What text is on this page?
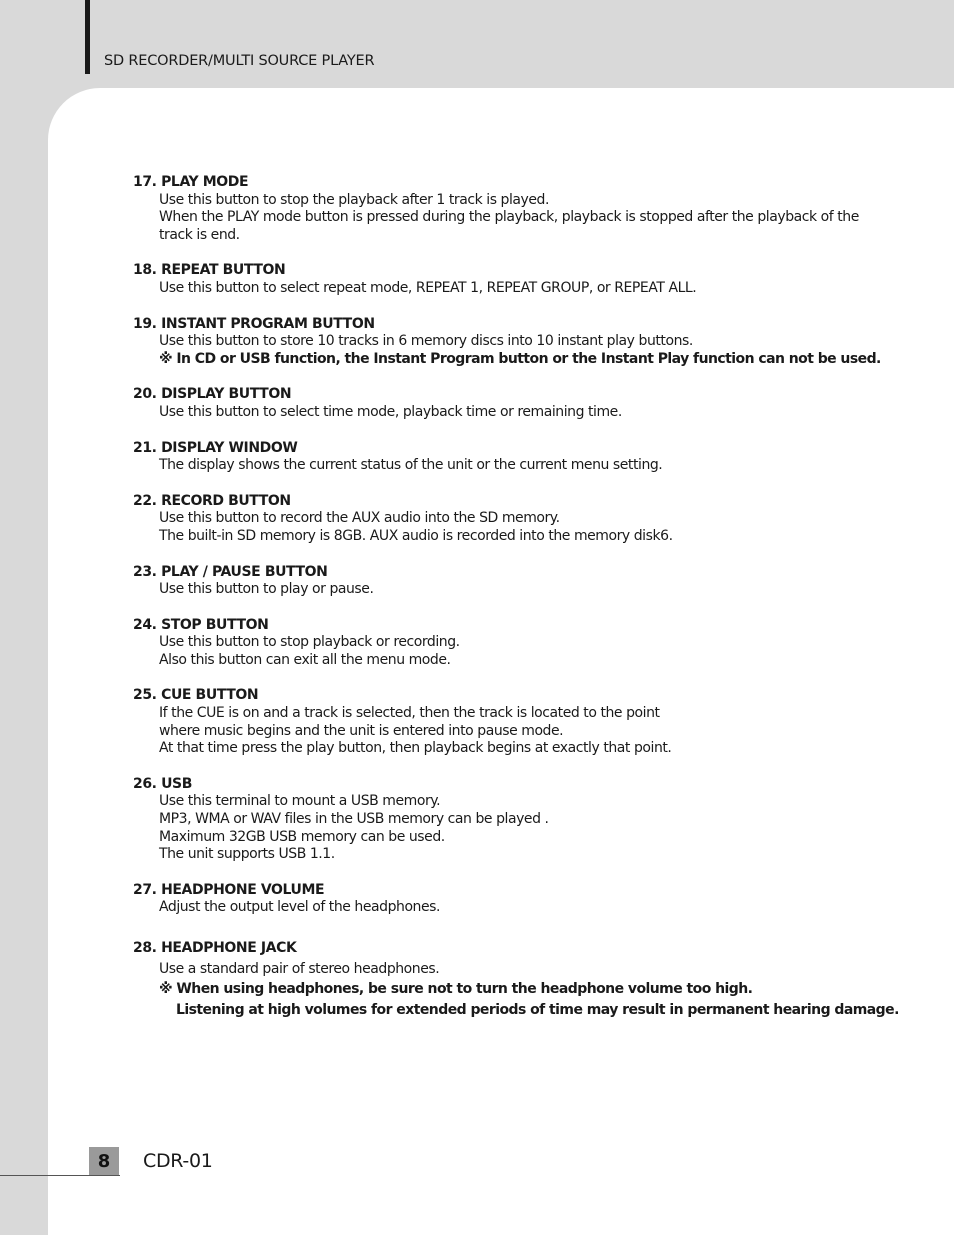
SD RECORDER/MULTI SOURCE PLAYER
17. PLAY MODE
Use this button to stop the playback after 1 track is played.
When the PLAY mode button is pressed during the playback, playback is stopped after the playback of the
track is end.
18. REPEAT BUTTON
Use this button to select repeat mode, REPEAT 1, REPEAT GROUP, or REPEAT ALL.
19. INSTANT PROGRAM BUTTON
Use this button to store 10 tracks in 6 memory discs into 10 instant play buttons.
※ In CD or USB function, the Instant Program button or the Instant Play function can not be used.
20. DISPLAY BUTTON
Use this button to select time mode, playback time or remaining time.
21. DISPLAY WINDOW
The display shows the current status of the unit or the current menu setting.
22. RECORD BUTTON
Use this button to record the AUX audio into the SD memory.
The built-in SD memory is 8GB. AUX audio is recorded into the memory disk6.
23. PLAY / PAUSE BUTTON
Use this button to play or pause.
24. STOP BUTTON
Use this button to stop playback or recording.
Also this button can exit all the menu mode.
25. CUE BUTTON
If the CUE is on and a track is selected, then the track is located to the point
where music begins and the unit is entered into pause mode.
At that time press the play button, then playback begins at exactly that point.
26. USB
Use this terminal to mount a USB memory.
MP3, WMA or WAV files in the USB memory can be played .
Maximum 32GB USB memory can be used.
The unit supports USB 1.1.
27. HEADPHONE VOLUME
Adjust the output level of the headphones.
28. HEADPHONE JACK
Use a standard pair of stereo headphones.
※ When using headphones, be sure not to turn the headphone volume too high.
Listening at high volumes for extended periods of time may result in permanent hearing damage.
8	CDR-01
